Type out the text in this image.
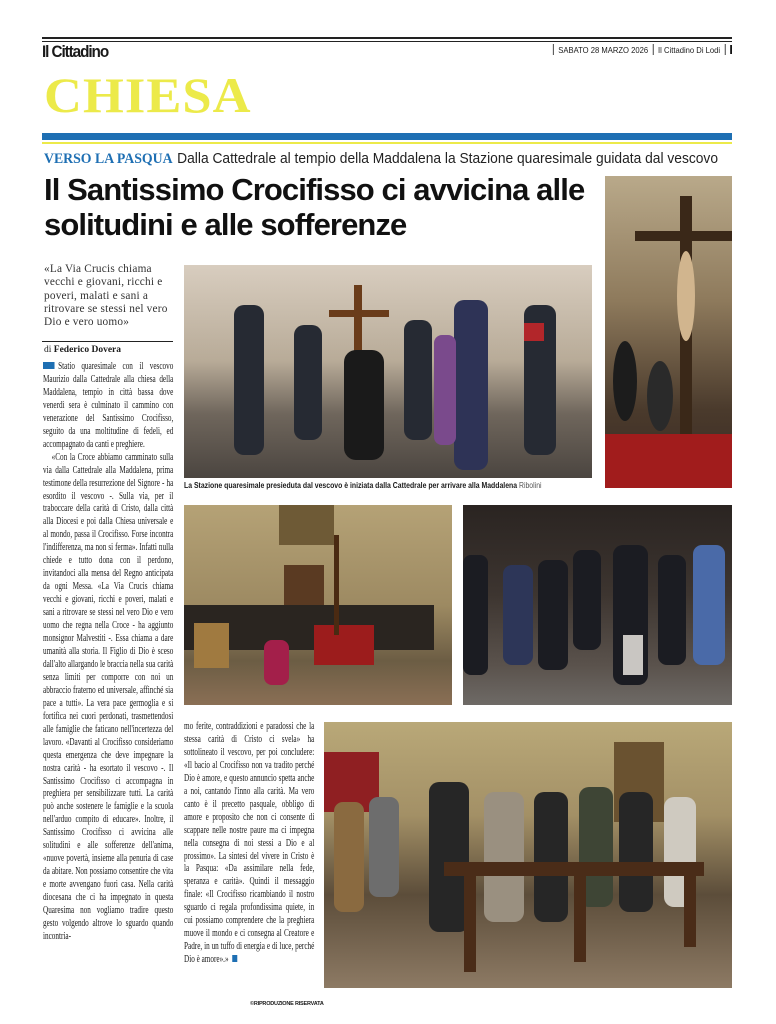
Il Cittadino	SABATO 28 MARZO 2026 Il Cittadino Di Lodi
CHIESA
VERSO LA PASQUA Dalla Cattedrale al tempio della Maddalena la Stazione quaresimale guidata dal vescovo
Il Santissimo Crocifisso ci avvicina alle solitudini e alle sofferenze
«La Via Crucis chiama vecchi e giovani, ricchi e poveri, malati e sani a ritrovare se stessi nel vero Dio e vero uomo»
di Federico Dovera

Statio quaresimale con il vescovo Maurizio dalla Cattedrale alla chiesa della Maddalena, tempio in città bassa dove venerdì sera è culminato il cammino con venerazione del Santissimo Crocifisso, seguito da una moltitudine di fedeli, ed accompagnato da canti e preghiere.

«Con la Croce abbiamo camminato sulla via dalla Cattedrale alla Maddalena, prima testimone della resurrezione del Signore - ha esordito il vescovo -. Sulla via, per il traboccare della carità di Cristo, dalla città alla Diocesi e poi dalla Chiesa universale e al mondo, passa il Crocifisso. Forse incontra l'indifferenza, ma non si ferma». Infatti nulla chiede e tutto dona con il perdono, invitandoci alla mensa del Regno anticipata da ogni Messa. «La Via Crucis chiama vecchi e giovani, ricchi e poveri, malati e sani a ritrovare se stessi nel vero Dio e vero uomo che regna nella Croce - ha aggiunto monsignor Malvestiti -. Essa chiama a dare umanità alla storia. Il Figlio di Dio è sceso dall'alto allargando le braccia nella sua carità senza limiti per comporre con noi un abbraccio fraterno ed universale, affinché sia pace a tutti». La vera pace germoglia e si fortifica nei cuori perdonati, trasmettendosi alle famiglie che faticano nell'incertezza del lavoro. «Davanti al Crocifisso consideriamo questa emergenza che deve impegnare la nostra carità - ha esortato il vescovo -. Il Santissimo Crocifisso ci accompagna in preghiera per sensibilizzare tutti. La carità può anche sostenere le famiglie e la scuola nell'arduo compito di educare». Inoltre, il Santissimo Crocifisso ci avvicina alle solitudini e alle sofferenze dell'anima, «nuove povertà, insieme alla penuria di case da abitare. Non possiamo consentire che vita e morte avvengano fuori casa. Nella carità diocesana che ci ha impegnato in questa Quaresima non vogliamo tradire questo gesto volgendo altrove lo sguardo quando incontria-

mo ferite, contraddizioni e paradossi che la stessa carità di Cristo ci svela» ha sottolineato il vescovo, per poi concludere: «Il bacio al Crocifisso non va tradito perché Dio è amore, e questo annuncio spetta anche a noi, cantando l'inno alla carità. Ma vero canto è il precetto pasquale, obbligo di amore e proposito che non ci consente di scappare nelle nostre paure ma ci impegna nella consegna di noi stessi a Dio e al prossimo». La sintesi del vivere in Cristo è la Pasqua: «Da assimilare nella fede, speranza e carità». Quindi il messaggio finale: «Il Crocifisso ricambiando il nostro sguardo ci regala profondissima quiete, in cui possiamo comprendere che la preghiera muove il mondo e ci consegna al Creatore e Padre, in un tuffo di energia e di luce, perché Dio è amore».»

©RIPRODUZIONE RISERVATA
La Stazione quaresimale presieduta dal vescovo è iniziata dalla Cattedrale per arrivare alla Maddalena Ribolini
